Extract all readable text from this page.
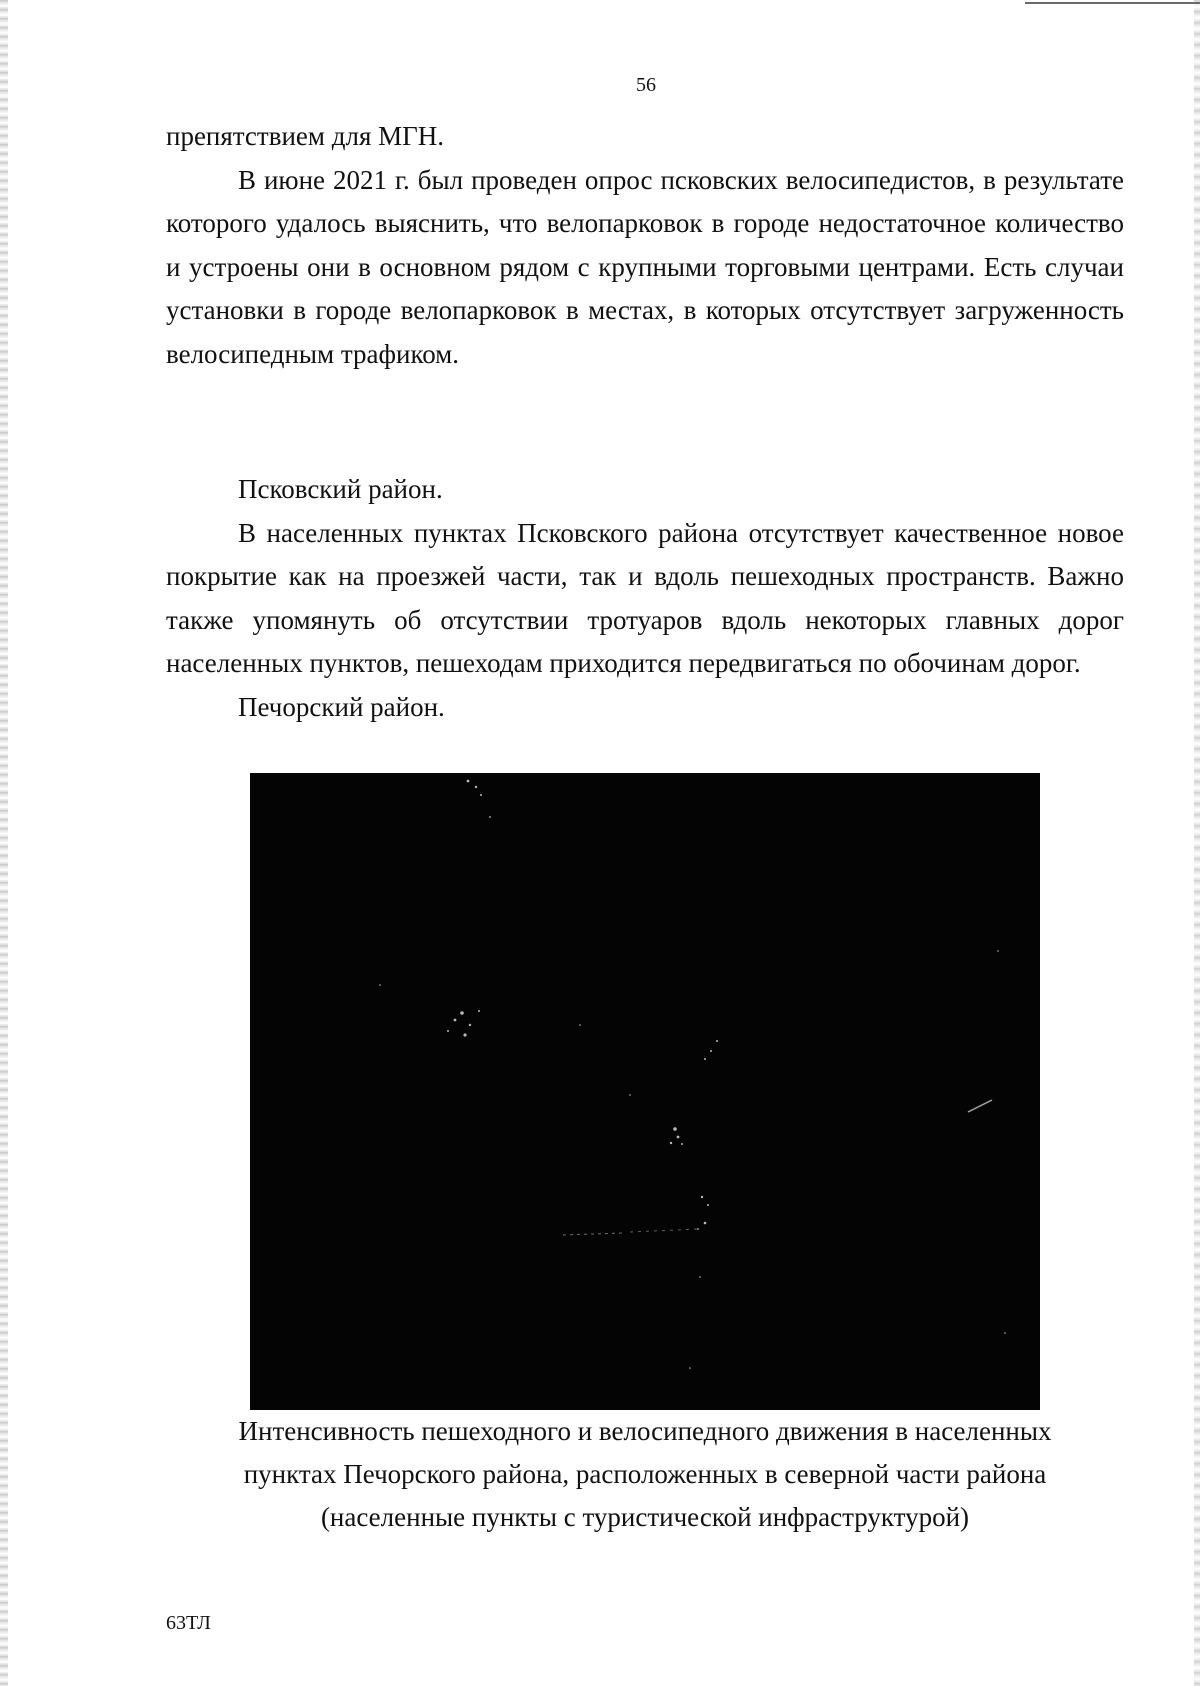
56

препятствием для МГН.

В июне 2021 г. был проведен опрос псковских велосипедистов, в результате которого удалось выяснить, что велопарковок в городе недостаточное количество и устроены они в основном рядом с крупными торговыми центрами. Есть случаи установки в городе велопарковок в местах, в которых отсутствует загруженность велосипедным трафиком.

Псковский район.

В населенных пунктах Псковского района отсутствует качественное новое покрытие как на проезжей части, так и вдоль пешеходных пространств. Важно также упомянуть об отсутствии тротуаров вдоль некоторых главных дорог населенных пунктов, пешеходам приходится передвигаться по обочинам дорог.

Печорский район.

Интенсивность пешеходного и велосипедного движения в населенных
пунктах Печорского района, расположенных в северной части района
(населенные пункты с туристической инфраструктурой)
63ТЛ
